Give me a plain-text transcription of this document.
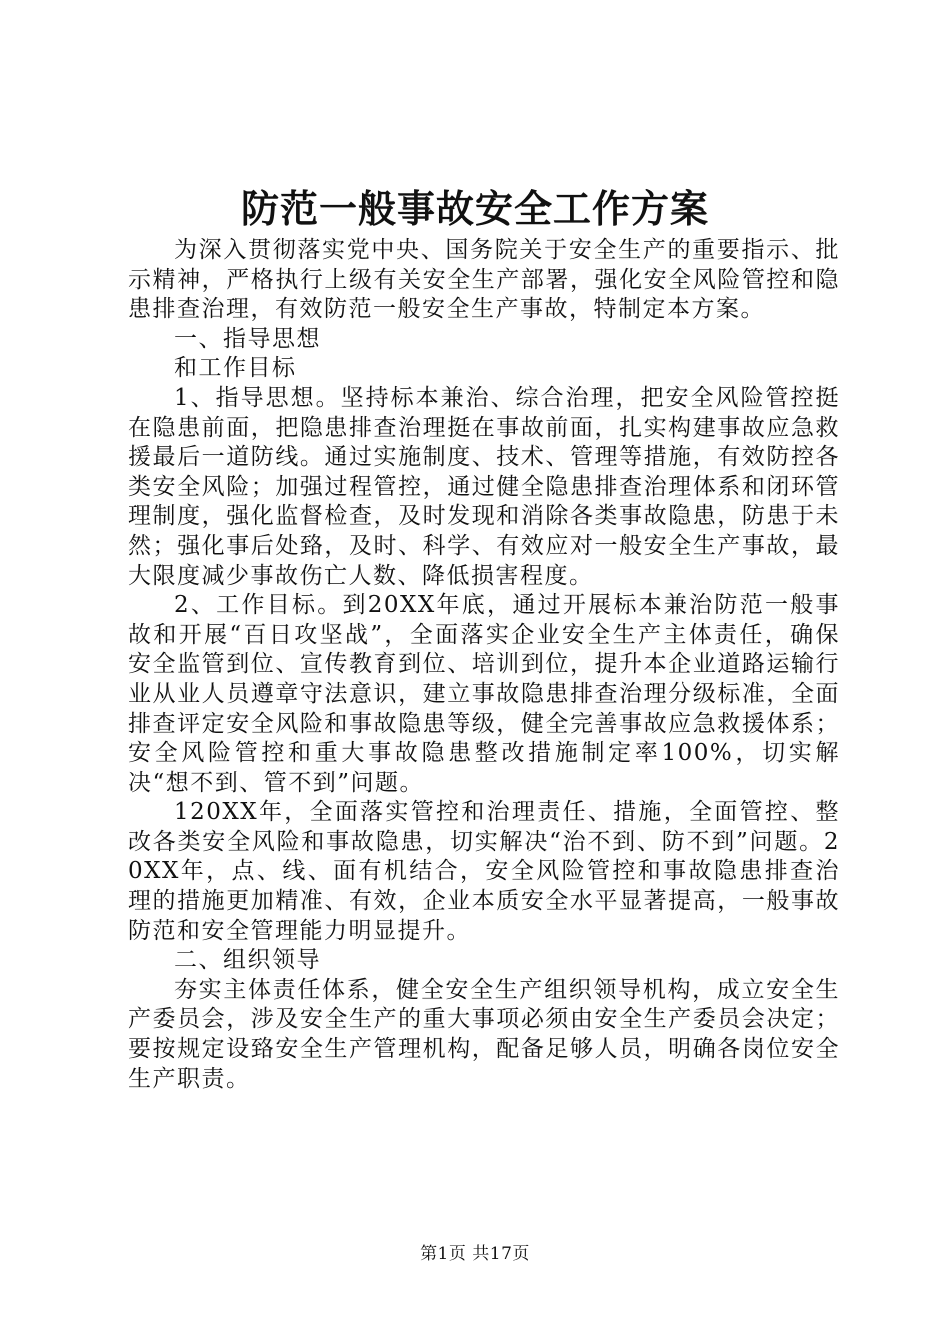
防范一般事故安全工作方案

为深入贯彻落实党中央、国务院关于安全生产的重要指示、批示精神，严格执行上级有关安全生产部署，强化安全风险管控和隐患排查治理，有效防范一般安全生产事故，特制定本方案。

一、指导思想

和工作目标

1、指导思想。坚持标本兼治、综合治理，把安全风险管控挺在隐患前面，把隐患排查治理挺在事故前面，扎实构建事故应急救援最后一道防线。通过实施制度、技术、管理等措施，有效防控各类安全风险；加强过程管控，通过健全隐患排查治理体系和闭环管理制度，强化监督检查，及时发现和消除各类事故隐患，防患于未然；强化事后处臵，及时、科学、有效应对一般安全生产事故，最大限度减少事故伤亡人数、降低损害程度。

2、工作目标。到20XX年底，通过开展标本兼治防范一般事故和开展“百日攻坚战”，全面落实企业安全生产主体责任，确保安全监管到位、宣传教育到位、培训到位，提升本企业道路运输行业从业人员遵章守法意识，建立事故隐患排查治理分级标准，全面排查评定安全风险和事故隐患等级，健全完善事故应急救援体系；安全风险管控和重大事故隐患整改措施制定率100%，切实解决“想不到、管不到”问题。

120XX年，全面落实管控和治理责任、措施，全面管控、整改各类安全风险和事故隐患，切实解决“治不到、防不到”问题。20XX年，点、线、面有机结合，安全风险管控和事故隐患排查治理的措施更加精准、有效，企业本质安全水平显著提高，一般事故防范和安全管理能力明显提升。

二、组织领导

夯实主体责任体系，健全安全生产组织领导机构，成立安全生产委员会，涉及安全生产的重大事项必须由安全生产委员会决定；要按规定设臵安全生产管理机构，配备足够人员，明确各岗位安全生产职责。

第1页 共17页
